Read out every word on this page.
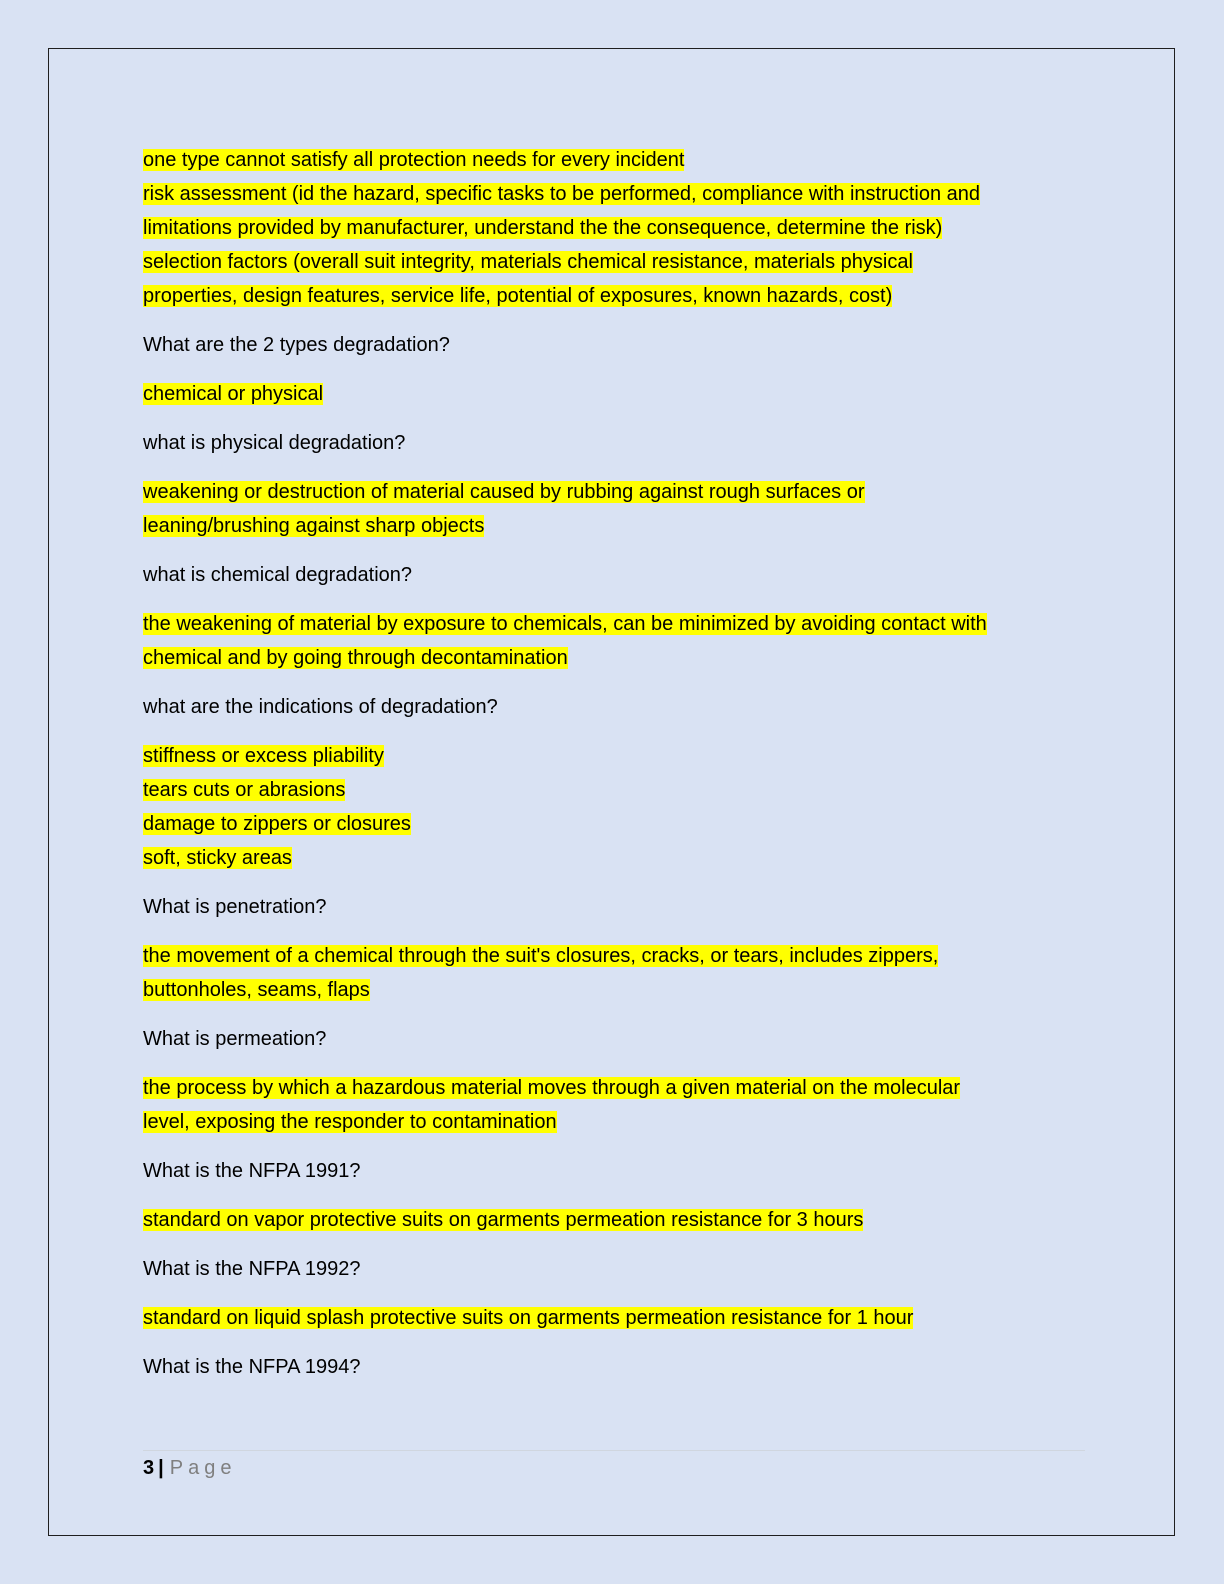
one type cannot satisfy all protection needs for every incident
risk assessment (id the hazard, specific tasks to be performed, compliance with instruction and
limitations provided by manufacturer, understand the the consequence, determine the risk)
selection factors (overall suit integrity, materials chemical resistance, materials physical
properties, design features, service life, potential of exposures, known hazards, cost)
What are the 2 types degradation?
chemical or physical
what is physical degradation?
weakening or destruction of material caused by rubbing against rough surfaces or
leaning/brushing against sharp objects
what is chemical degradation?
the weakening of material by exposure to chemicals, can be minimized by avoiding contact with
chemical and by going through decontamination
what are the indications of degradation?
stiffness or excess pliability
tears cuts or abrasions
damage to zippers or closures
soft, sticky areas
What is penetration?
the movement of a chemical through the suit's closures, cracks, or tears, includes zippers,
buttonholes, seams, flaps
What is permeation?
the process by which a hazardous material moves through a given material on the molecular
level, exposing the responder to contamination
What is the NFPA 1991?
standard on vapor protective suits on garments permeation resistance for 3 hours
What is the NFPA 1992?
standard on liquid splash protective suits on garments permeation resistance for 1 hour
What is the NFPA 1994?
3 | Page
